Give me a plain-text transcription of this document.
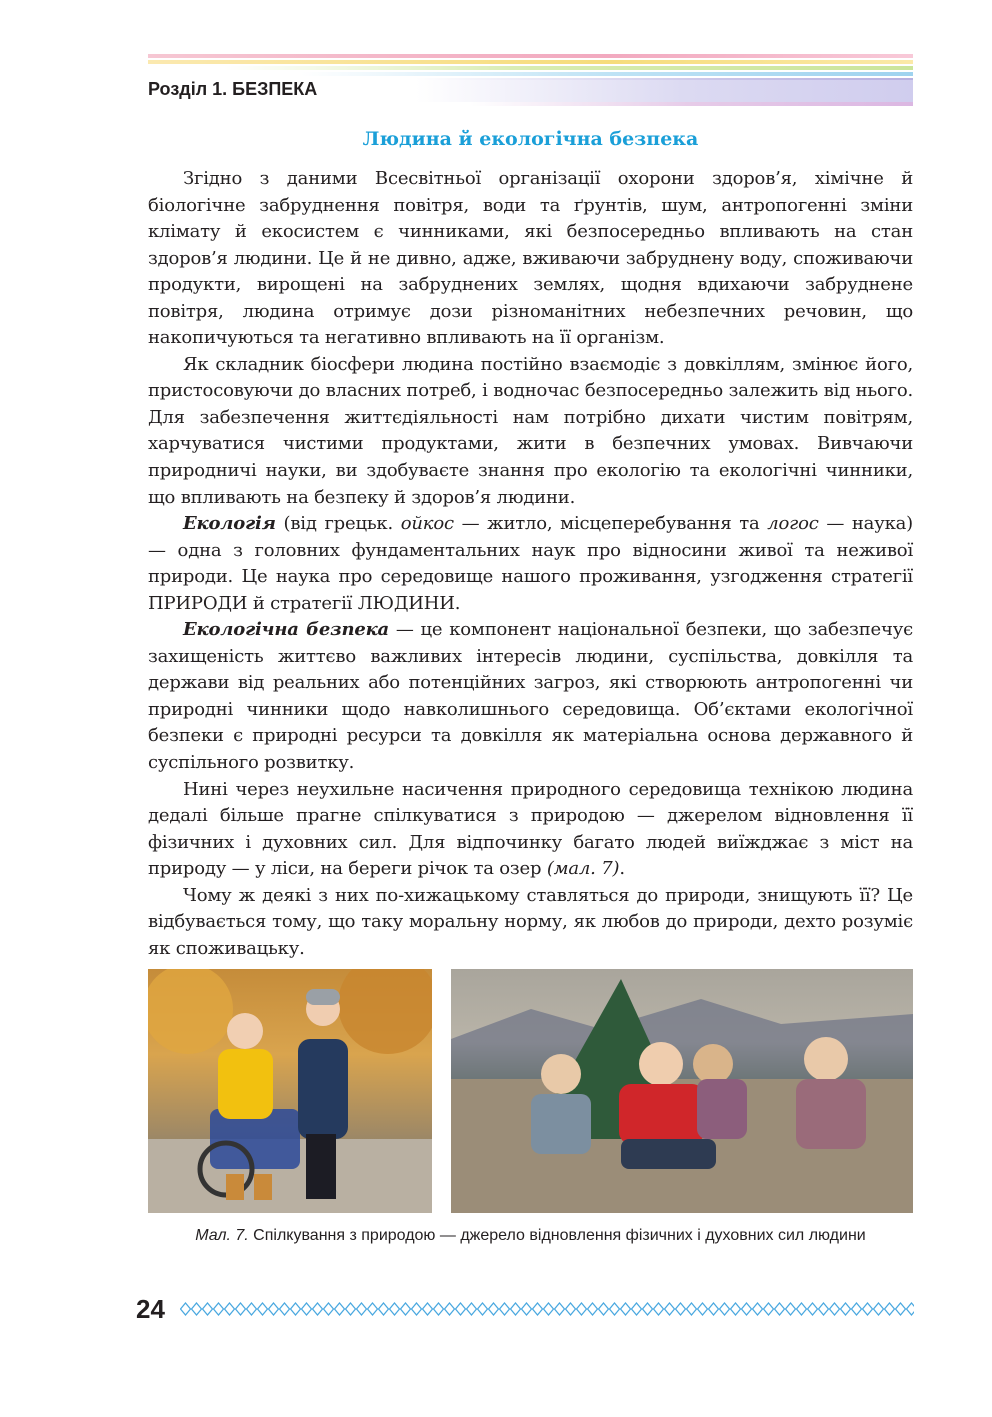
Розділ 1. БЕЗПЕКА
Людина й екологічна безпека

Згідно з даними Всесвітньої організації охорони здоров’я, хімічне й біологічне забруднення повітря, води та ґрунтів, шум, антропогенні зміни клімату й екосистем є чинниками, які безпосередньо впливають на стан здоров’я людини. Це й не дивно, адже, вживаючи забруднену воду, споживаючи продукти, вирощені на забруднених землях, щодня вдихаючи забруднене повітря, людина отримує дози різноманітних небезпечних речовин, що накопичуються та негативно впливають на її організм.

Як складник біосфери людина постійно взаємодіє з довкіллям, змінює його, пристосовуючи до власних потреб, і водночас безпосередньо залежить від нього. Для забезпечення життєдіяльності нам потрібно дихати чистим повітрям, харчуватися чистими продуктами, жити в безпечних умовах. Вивчаючи природничі науки, ви здобуваєте знання про екологію та екологічні чинники, що впливають на безпеку й здоров’я людини.

Екологія (від грецьк. ойкос — житло, місцеперебування та логос — наука) — одна з головних фундаментальних наук про відносини живої та неживої природи. Це наука про середовище нашого проживання, узгодження стратегії ПРИРОДИ й стратегії ЛЮДИНИ.

Екологічна безпека — це компонент національної безпеки, що забезпечує захищеність життєво важливих інтересів людини, суспільства, довкілля та держави від реальних або потенційних загроз, які створюють антропогенні чи природні чинники щодо навколишнього середовища. Об’єктами екологічної безпеки є природні ресурси та довкілля як матеріальна основа державного й суспільного розвитку.

Нині через неухильне насичення природного середовища технікою людина дедалі більше прагне спілкуватися з природою — джерелом відновлення її фізичних і духовних сил. Для відпочинку багато людей виїжджає з міст на природу — у ліси, на береги річок та озер (мал. 7).

Чому ж деякі з них по-хижацькому ставляться до природи, знищують її? Це відбувається тому, що таку моральну норму, як любов до природи, дехто розуміє як споживацьку.

Мал. 7. Спілкування з природою — джерело відновлення фізичних і духовних сил людини
24
